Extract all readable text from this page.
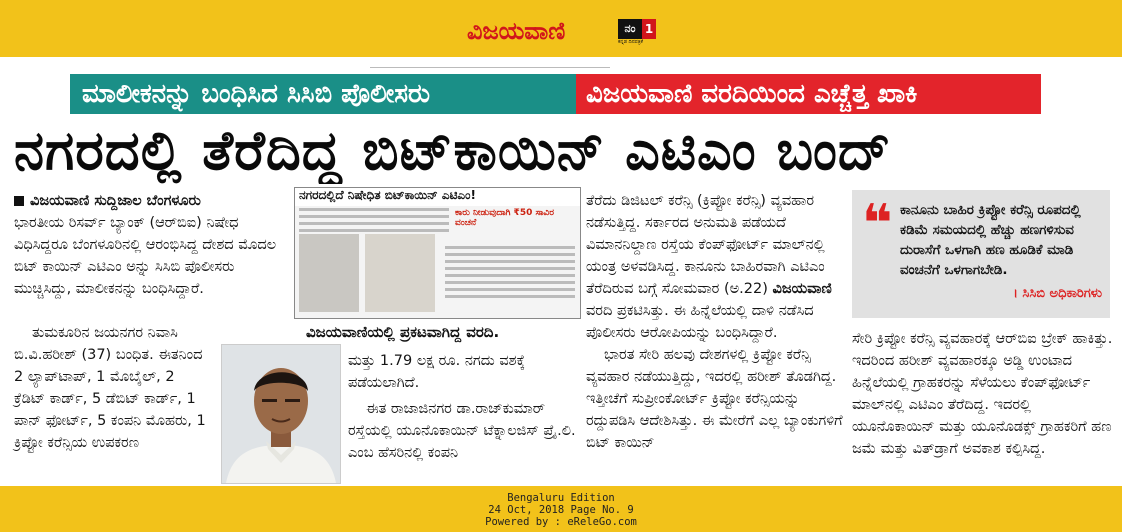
ವಿಜಯವಾಣಿ	ನಂ 1
ಕನ್ನಡ ದಿನಪತ್ರಿಕೆ
ಮಾಲೀಕನನ್ನು ಬಂಧಿಸಿದ ಸಿಸಿಬಿ ಪೊಲೀಸರು	ವಿಜಯವಾಣಿ ವರದಿಯಿಂದ ಎಚ್ಚೆತ್ತ ಖಾಕಿ
ನಗರದಲ್ಲಿ ತೆರೆದಿದ್ದ ಬಿಟ್‌ಕಾಯಿನ್ ಎಟಿಎಂ ಬಂದ್

ವಿಜಯವಾಣಿ ಸುದ್ದಿಜಾಲ ಬೆಂಗಳೂರು

ಭಾರತೀಯ ರಿಸರ್ವ್ ಬ್ಯಾಂಕ್ (ಆರ್‌ಬಿಐ) ನಿಷೇಧ ವಿಧಿಸಿದ್ದರೂ ಬೆಂಗಳೂರಿನಲ್ಲಿ ಆರಂಭಿಸಿದ್ದ ದೇಶದ ಮೊದಲ ಬಿಟ್ ಕಾಯಿನ್ ಎಟಿಎಂ ಅನ್ನು ಸಿಸಿಬಿ ಪೊಲೀಸರು ಮುಚ್ಚಿಸಿದ್ದು, ಮಾಲೀಕನನ್ನು ಬಂಧಿಸಿದ್ದಾರೆ.

ತುಮಕೂರಿನ ಜಯನಗರ ನಿವಾಸಿ ಬಿ.ವಿ.ಹರೀಶ್ (37) ಬಂಧಿತ. ಈತನಿಂದ 2 ಲ್ಯಾಪ್‌ಟಾಪ್, 1 ಮೊಬೈಲ್, 2 ಕ್ರೆಡಿಟ್ ಕಾರ್ಡ್, 5 ಡೆಬಿಟ್ ಕಾರ್ಡ್, 1 ಪಾನ್ ಫೋರ್ಟ್, 5 ಕಂಪನಿ ಮೊಹರು, 1 ಕ್ರಿಪ್ಟೋ ಕರೆನ್ಸಿಯ ಉಪಕರಣ

ನಗರದಲ್ಲಿದೆ ನಿಷೇಧಿತ ಬಿಟ್‌ಕಾಯಿನ್ ಎಟಿಎಂ!
ಕಾರು ನೀಡುವುದಾಗಿ ₹50 ಸಾವಿರ ವಂಚನೆ
ವಿಜಯವಾಣಿಯಲ್ಲಿ ಪ್ರಕಟವಾಗಿದ್ದ ವರದಿ.

ಮತ್ತು 1.79 ಲಕ್ಷ ರೂ. ನಗದು ವಶಕ್ಕೆ ಪಡೆಯಲಾಗಿದೆ.

ಈತ ರಾಜಾಜಿನಗರ ಡಾ.ರಾಜ್‌ಕುಮಾರ್ ರಸ್ತೆಯಲ್ಲಿ ಯೂನೊಕಾಯಿನ್ ಟೆಕ್ನಾಲಜಿಸ್ ಪ್ರೈ.ಲಿ. ಎಂಬ ಹೆಸರಿನಲ್ಲಿ ಕಂಪನಿ

ತೆರೆದು ಡಿಜಿಟಲ್ ಕರೆನ್ಸಿ (ಕ್ರಿಪ್ಟೋ ಕರೆನ್ಸಿ) ವ್ಯವಹಾರ ನಡೆಸುತ್ತಿದ್ದ. ಸರ್ಕಾರದ ಅನುಮತಿ ಪಡೆಯದೆ ವಿಮಾನನಿಲ್ದಾಣ ರಸ್ತೆಯ ಕೆಂಪ್‌ಫೋರ್ಟ್ ಮಾಲ್‌ನಲ್ಲಿ ಯಂತ್ರ ಅಳವಡಿಸಿದ್ದ. ಕಾನೂನು ಬಾಹಿರವಾಗಿ ಎಟಿಎಂ ತೆರೆದಿರುವ ಬಗ್ಗೆ ಸೋಮವಾರ (ಅ.22) ವಿಜಯವಾಣಿ ವರದಿ ಪ್ರಕಟಿಸಿತ್ತು. ಈ ಹಿನ್ನೆಲೆಯಲ್ಲಿ ದಾಳಿ ನಡೆಸಿದ ಪೊಲೀಸರು ಆರೋಪಿಯನ್ನು ಬಂಧಿಸಿದ್ದಾರೆ.

ಭಾರತ ಸೇರಿ ಹಲವು ದೇಶಗಳಲ್ಲಿ ಕ್ರಿಪ್ಟೋ ಕರೆನ್ಸಿ ವ್ಯವಹಾರ ನಡೆಯುತ್ತಿದ್ದು, ಇದರಲ್ಲಿ ಹರೀಶ್ ತೊಡಗಿದ್ದ. ಇತ್ತೀಚೆಗೆ ಸುಪ್ರೀಂಕೋರ್ಟ್ ಕ್ರಿಪ್ಟೋ ಕರೆನ್ಸಿಯನ್ನು ರದ್ದುಪಡಿಸಿ ಆದೇಶಿಸಿತ್ತು. ಈ ಮೇರೆಗೆ ಎಲ್ಲ ಬ್ಯಾಂಕುಗಳಿಗೆ ಬಿಟ್ ಕಾಯಿನ್

❝ ಕಾನೂನು ಬಾಹಿರ ಕ್ರಿಪ್ಟೋ ಕರೆನ್ಸಿ ರೂಪದಲ್ಲಿ ಕಡಿಮೆ ಸಮಯದಲ್ಲಿ ಹೆಚ್ಚು ಹಣಗಳಿಸುವ ದುರಾಸೆಗೆ ಒಳಗಾಗಿ ಹಣ ಹೂಡಿಕೆ ಮಾಡಿ ವಂಚನೆಗೆ ಒಳಗಾಗಬೇಡಿ.
। ಸಿಸಿಬಿ ಅಧಿಕಾರಿಗಳು

ಸೇರಿ ಕ್ರಿಪ್ಟೋ ಕರೆನ್ಸಿ ವ್ಯವಹಾರಕ್ಕೆ ಆರ್‌ಬಿಐ ಬ್ರೇಕ್ ಹಾಕಿತ್ತು. ಇದರಿಂದ ಹರೀಶ್ ವ್ಯವಹಾರಕ್ಕೂ ಅಡ್ಡಿ ಉಂಟಾದ ಹಿನ್ನೆಲೆಯಲ್ಲಿ ಗ್ರಾಹಕರನ್ನು ಸೆಳೆಯಲು ಕೆಂಪ್‌ಫೋರ್ಟ್ ಮಾಲ್‌ನಲ್ಲಿ ಎಟಿಎಂ ತೆರೆದಿದ್ದ. ಇದರಲ್ಲಿ ಯೂನೊಕಾಯಿನ್ ಮತ್ತು ಯೂನೊಡಕ್ಸ್ ಗ್ರಾಹಕರಿಗೆ ಹಣ ಜಮೆ ಮತ್ತು ವಿತ್‌ಡ್ರಾಗೆ ಅವಕಾಶ ಕಲ್ಪಿಸಿದ್ದ.

Bengaluru Edition
24 Oct, 2018 Page No. 9
Powered by : eReleGo.com
